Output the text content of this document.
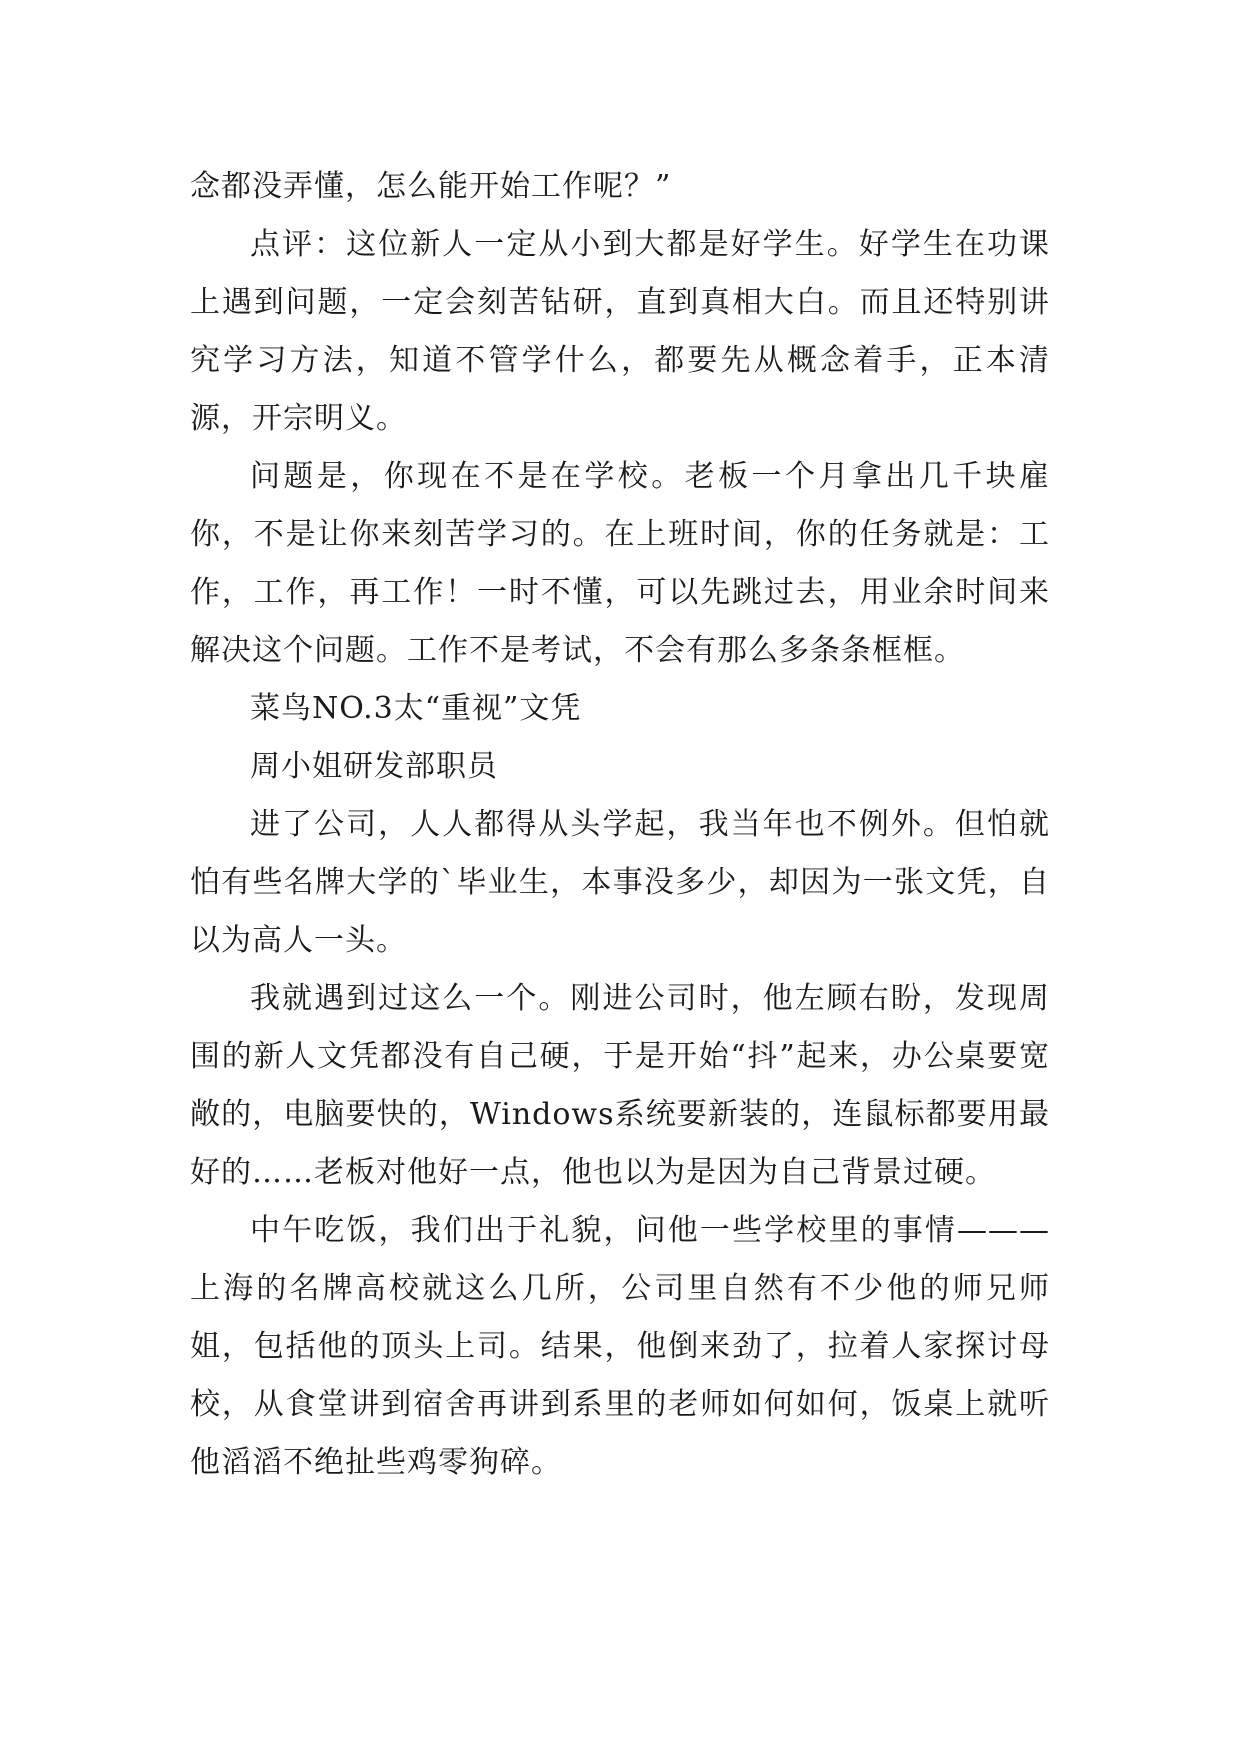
念都没弄懂，怎么能开始工作呢？”

点评：这位新人一定从小到大都是好学生。好学生在功课上遇到问题，一定会刻苦钻研，直到真相大白。而且还特别讲究学习方法，知道不管学什么，都要先从概念着手，正本清源，开宗明义。

问题是，你现在不是在学校。老板一个月拿出几千块雇你，不是让你来刻苦学习的。在上班时间，你的任务就是：工作，工作，再工作！一时不懂，可以先跳过去，用业余时间来解决这个问题。工作不是考试，不会有那么多条条框框。

菜鸟NO.3太“重视”文凭

周小姐研发部职员

进了公司，人人都得从头学起，我当年也不例外。但怕就怕有些名牌大学的`毕业生，本事没多少，却因为一张文凭，自以为高人一头。

我就遇到过这么一个。刚进公司时，他左顾右盼，发现周围的新人文凭都没有自己硬，于是开始“抖”起来，办公桌要宽敞的，电脑要快的，Windows系统要新装的，连鼠标都要用最好的……老板对他好一点，他也以为是因为自己背景过硬。

中午吃饭，我们出于礼貌，问他一些学校里的事情———上海的名牌高校就这么几所，公司里自然有不少他的师兄师姐，包括他的顶头上司。结果，他倒来劲了，拉着人家探讨母校，从食堂讲到宿舍再讲到系里的老师如何如何，饭桌上就听他滔滔不绝扯些鸡零狗碎。
